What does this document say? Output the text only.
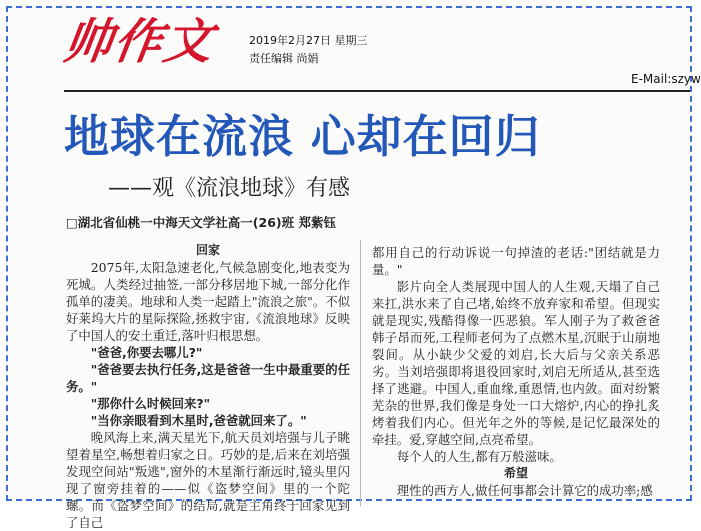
帅作文	2019年2月27日 星期三
责任编辑 尚娟
E-Mail:szyw
地球在流浪 心却在回归
——观《流浪地球》有感
□湖北省仙桃一中海天文学社高一(26)班 郑紫钰

回家

2075年,太阳急速老化,气候急剧变化,地表变为死城。人类经过抽签,一部分移居地下城,一部分化作孤单的凄美。地球和人类一起踏上"流浪之旅"。不似好莱坞大片的星际探险,拯救宇宙,《流浪地球》反映了中国人的安土重迁,落叶归根思想。

"爸爸,你要去哪儿?"

"爸爸要去执行任务,这是爸爸一生中最重要的任务。"

"那你什么时候回来?"

"当你亲眼看到木星时,爸爸就回来了。"

晚风海上来,满天星光下,航天员刘培强与儿子眺望着星空,畅想着归家之日。巧妙的是,后来在刘培强发现空间站"叛逃",窗外的木星渐行渐远时,镜头里闪现了窗旁挂着的——似《盗梦空间》里的一个陀螺。而《盗梦空间》的结局,就是主角终于回家见到了自己

都用自己的行动诉说一句掉渣的老话:"团结就是力量。"

影片向全人类展现中国人的人生观,天塌了自己来扛,洪水来了自己堵,始终不放弃家和希望。但现实就是现实,残酷得像一匹恶狼。军人刚子为了救爸爸韩子昂而死,工程师老何为了点燃木星,沉眠于山崩地裂间。从小缺少父爱的刘启,长大后与父亲关系恶劣。当刘培强即将退役回家时,刘启无所适从,甚至选择了逃避。中国人,重血缘,重恩情,也内敛。面对纷繁芜杂的世界,我们像是身处一口大熔炉,内心的挣扎炙烤着我们内心。但光年之外的等候,是记忆最深处的牵挂。爱,穿越空间,点亮希望。

每个人的人生,都有万般滋味。

希望

理性的西方人,做任何事都会计算它的成功率;感
